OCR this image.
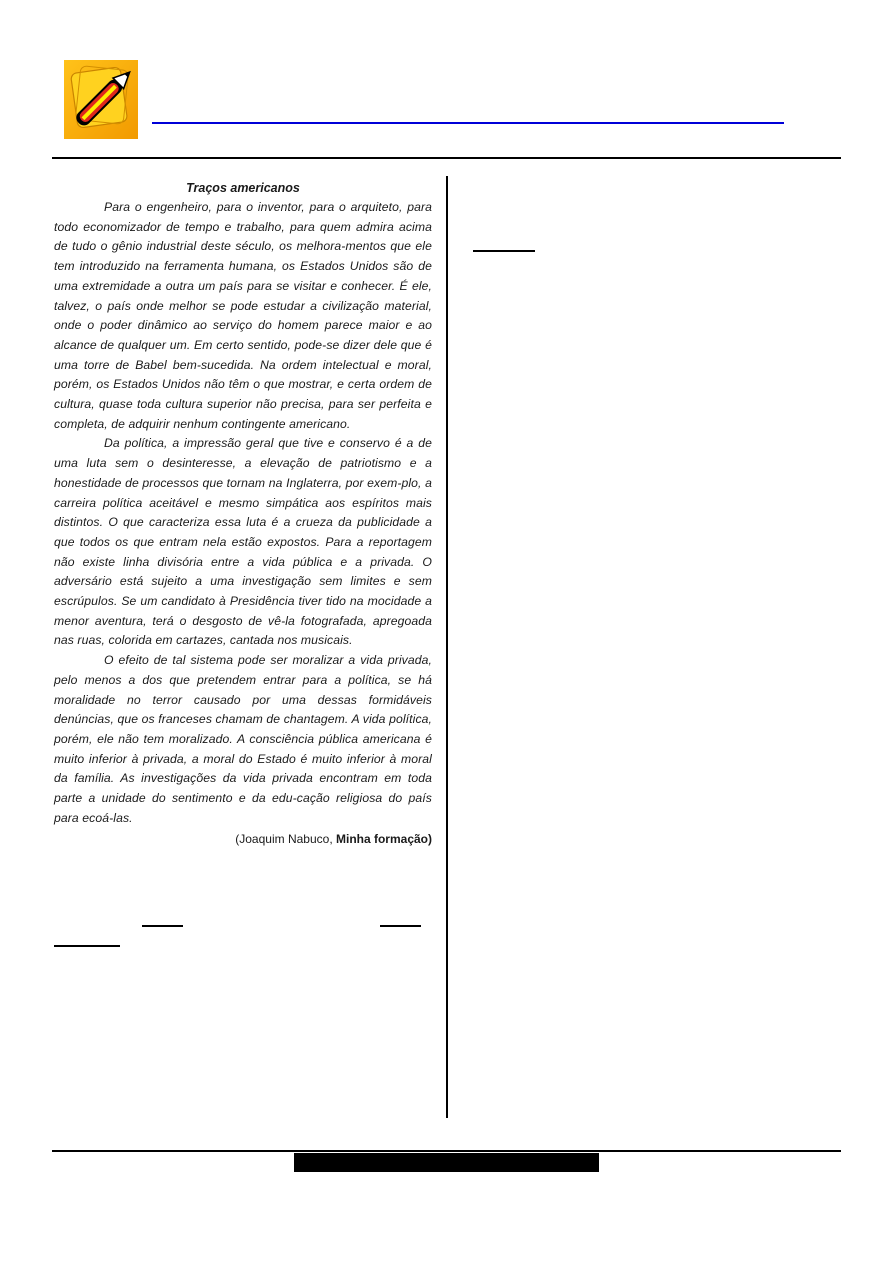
Traços americanos

Para o engenheiro, para o inventor, para o arquiteto, para todo economizador de tempo e trabalho, para quem admira acima de tudo o gênio industrial deste século, os melhora-mentos que ele tem introduzido na ferramenta humana, os Estados Unidos são de uma extremidade a outra um país para se visitar e conhecer. É ele, talvez, o país onde melhor se pode estudar a civilização material, onde o poder dinâmico ao serviço do homem parece maior e ao alcance de qualquer um. Em certo sentido, pode-se dizer dele que é uma torre de Babel bem-sucedida. Na ordem intelectual e moral, porém, os Estados Unidos não têm o que mostrar, e certa ordem de cultura, quase toda cultura superior não precisa, para ser perfeita e completa, de adquirir nenhum contingente americano.

Da política, a impressão geral que tive e conservo é a de uma luta sem o desinteresse, a elevação de patriotismo e a honestidade de processos que tornam na Inglaterra, por exem-plo, a carreira política aceitável e mesmo simpática aos espíritos mais distintos. O que caracteriza essa luta é a crueza da publicidade a que todos os que entram nela estão expostos. Para a reportagem não existe linha divisória entre a vida pública e a privada. O adversário está sujeito a uma investigação sem limites e sem escrúpulos. Se um candidato à Presidência tiver tido na mocidade a menor aventura, terá o desgosto de vê-la fotografada, apregoada nas ruas, colorida em cartazes, cantada nos musicais.

O efeito de tal sistema pode ser moralizar a vida privada, pelo menos a dos que pretendem entrar para a política, se há moralidade no terror causado por uma dessas formidáveis denúncias, que os franceses chamam de chantagem. A vida política, porém, ele não tem moralizado. A consciência pública americana é muito inferior à privada, a moral do Estado é muito inferior à moral da família. As investigações da vida privada encontram em toda parte a unidade do sentimento e da edu-cação religiosa do país para ecoá-las.

(Joaquim Nabuco, Minha formação)
